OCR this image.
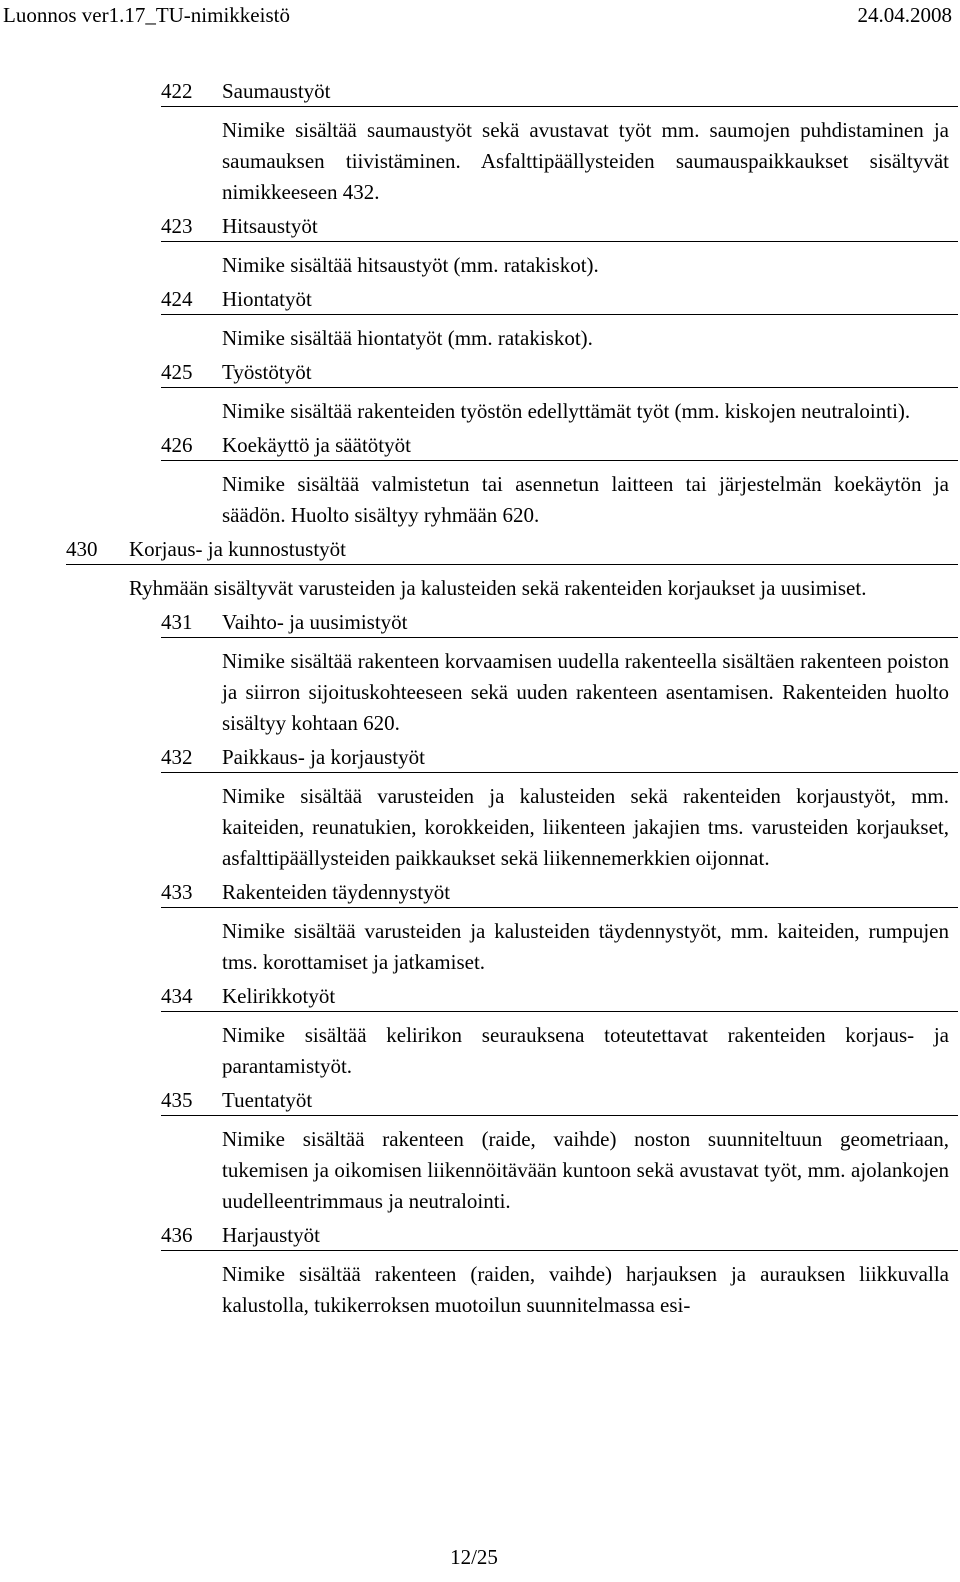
Luonnos ver1.17_TU-nimikkeistö	24.04.2008
422 Saumaustyöt
Nimike sisältää saumaustyöt sekä avustavat työt mm. saumojen puhdistaminen ja saumauksen tiivistäminen. Asfalttipäällysteiden saumauspaikkaukset sisältyvät nimikkeeseen 432.
423 Hitsaustyöt
Nimike sisältää hitsaustyöt (mm. ratakiskot).
424 Hiontatyöt
Nimike sisältää hiontatyöt (mm. ratakiskot).
425 Työstötyöt
Nimike sisältää rakenteiden työstön edellyttämät työt (mm. kiskojen neutralointi).
426 Koekäyttö ja säätötyöt
Nimike sisältää valmistetun tai asennetun laitteen tai järjestelmän koekäytön ja säädön. Huolto sisältyy ryhmään 620.
430 Korjaus- ja kunnostustyöt
Ryhmään sisältyvät varusteiden ja kalusteiden sekä rakenteiden korjaukset ja uusimiset.
431 Vaihto- ja uusimistyöt
Nimike sisältää rakenteen korvaamisen uudella rakenteella sisältäen rakenteen poiston ja siirron sijoituskohteeseen sekä uuden rakenteen asentamisen. Rakenteiden huolto sisältyy kohtaan 620.
432 Paikkaus- ja korjaustyöt
Nimike sisältää varusteiden ja kalusteiden sekä rakenteiden korjaustyöt, mm. kaiteiden, reunatukien, korokkeiden, liikenteen jakajien tms. varusteiden korjaukset, asfalttipäällysteiden paikkaukset sekä liikennemerkkien oijonnat.
433 Rakenteiden täydennystyöt
Nimike sisältää varusteiden ja kalusteiden täydennystyöt, mm. kaiteiden, rumpujen tms. korottamiset ja jatkamiset.
434 Kelirikkotyöt
Nimike sisältää kelirikon seurauksena toteutettavat rakenteiden korjaus- ja parantamistyöt.
435 Tuentatyöt
Nimike sisältää rakenteen (raide, vaihde) noston suunniteltuun geometriaan, tukemisen ja oikomisen liikennöitävään kuntoon sekä avustavat työt, mm. ajolankojen uudelleentrimmaus ja neutralointi.
436 Harjaustyöt
Nimike sisältää rakenteen (raiden, vaihde) harjauksen ja aurauksen liikkuvalla kalustolla, tukikerroksen muotoilun suunnitelmassa esi-
12/25
